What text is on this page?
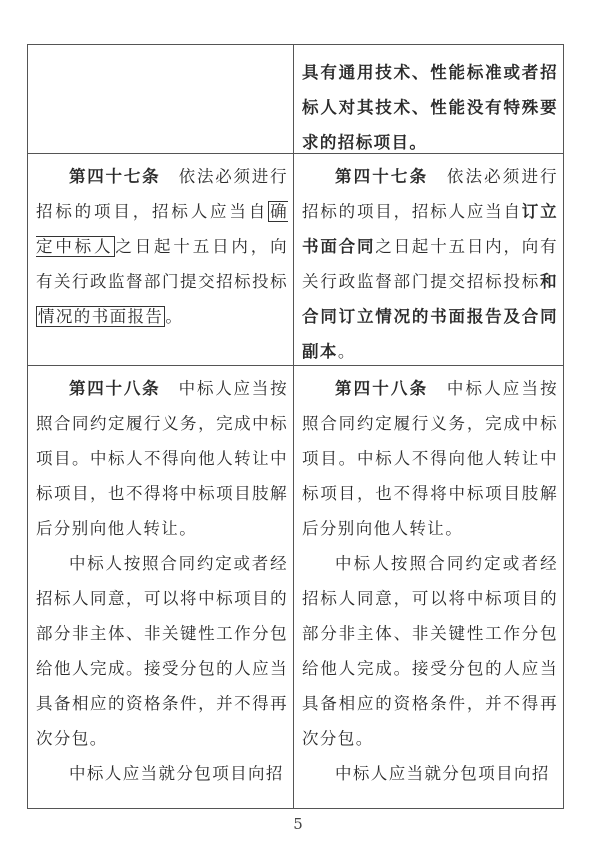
具有通用技术、性能标准或者招标人对其技术、性能没有特殊要求的招标项目。

第四十七条　依法必须进行招标的项目，招标人应当自 确定中标人 之日起十五日内，向有关行政监督部门提交招标投标情况的书面报告 。

第四十七条　依法必须进行招标的项目，招标人应当自订立书面合同之日起十五日内，向有关行政监督部门提交招标投标和合同订立情况的书面报告及合同副本。

第四十八条　中标人应当按照合同约定履行义务，完成中标项目。中标人不得向他人转让中标项目，也不得将中标项目肢解后分别向他人转让。

中标人按照合同约定或者经招标人同意，可以将中标项目的部分非主体、非关键性工作分包给他人完成。接受分包的人应当具备相应的资格条件，并不得再次分包。

中标人应当就分包项目向招

第四十八条　中标人应当按照合同约定履行义务，完成中标项目。中标人不得向他人转让中标项目，也不得将中标项目肢解后分别向他人转让。

中标人按照合同约定或者经招标人同意，可以将中标项目的部分非主体、非关键性工作分包给他人完成。接受分包的人应当具备相应的资格条件，并不得再次分包。

中标人应当就分包项目向招

5
